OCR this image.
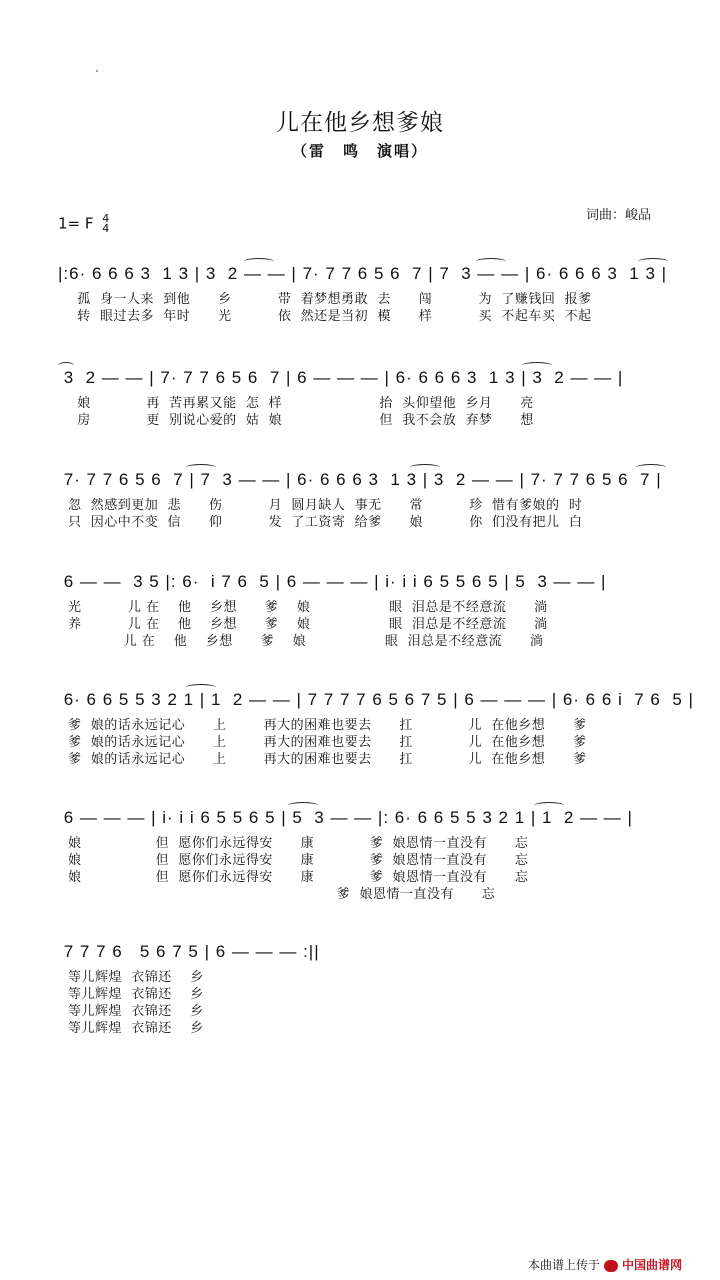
儿在他乡想爹娘
（雷　鸣　演唱）
词曲：峻品
1= F 4
4
|:6· 6 6 6 3  1 3 | 3  2 — — | 7· 7 7 6 5 6  7 | 7  3 — — | 6· 6 6 6 3  1 3 |
孤  身一人来  到他      乡          带  着梦想勇敢  去      闯          为  了赚钱回  报爹
转  眼过去多  年时      光          依  然还是当初  模      样          买  不起车买  不起
3  2 — — | 7· 7 7 6 5 6  7 | 6 — — — | 6· 6 6 6 3  1 3 | 3  2 — — |
娘            再  苦再累又能  怎  样                     抬  头仰望他  乡月      亮
房            更  别说心爱的  姑  娘                     但  我不会放  弃梦      想
7· 7 7 6 5 6  7 | 7  3 — — | 6· 6 6 6 3  1 3 | 3  2 — — | 7· 7 7 6 5 6  7 |
忽  然感到更加  悲      伤          月  圆月缺人  事无      常          珍  惜有爹娘的  时
只  因心中不变  信      仰          发  了工资寄  给爹      娘          你  们没有把儿  白
6 — —  3 5 |: 6·  i 7 6  5 | 6 — — — | i· i i 6 5 5 6 5 | 5  3 — — |
光          儿 在    他    乡想      爹    娘                 眼  泪总是不经意流      淌
养          儿 在    他    乡想      爹    娘                 眼  泪总是不经意流      淌
儿 在    他    乡想      爹    娘                 眼  泪总是不经意流      淌
6· 6 6 5 5 3 2 1 | 1  2 — — | 7 7 7 7 6 5 6 7 5 | 6 — — — | 6· 6 6 i  7 6  5 |
爹  娘的话永远记心      上        再大的困难也要去      扛            儿  在他乡想      爹
爹  娘的话永远记心      上        再大的困难也要去      扛            儿  在他乡想      爹
爹  娘的话永远记心      上        再大的困难也要去      扛            儿  在他乡想      爹
6 — — — | i· i i 6 5 5 6 5 | 5  3 — — |: 6· 6 6 5 5 3 2 1 | 1  2 — — |
娘                但  愿你们永远得安      康            爹  娘恩情一直没有      忘
娘                但  愿你们永远得安      康            爹  娘恩情一直没有      忘
娘                但  愿你们永远得安      康            爹  娘恩情一直没有      忘
爹  娘恩情一直没有      忘
7 7 7 6   5 6 7 5 | 6 — — — :||
等儿辉煌  衣锦还    乡
等儿辉煌  衣锦还    乡
等儿辉煌  衣锦还    乡
等儿辉煌  衣锦还    乡
本曲谱上传于 中国曲谱网
